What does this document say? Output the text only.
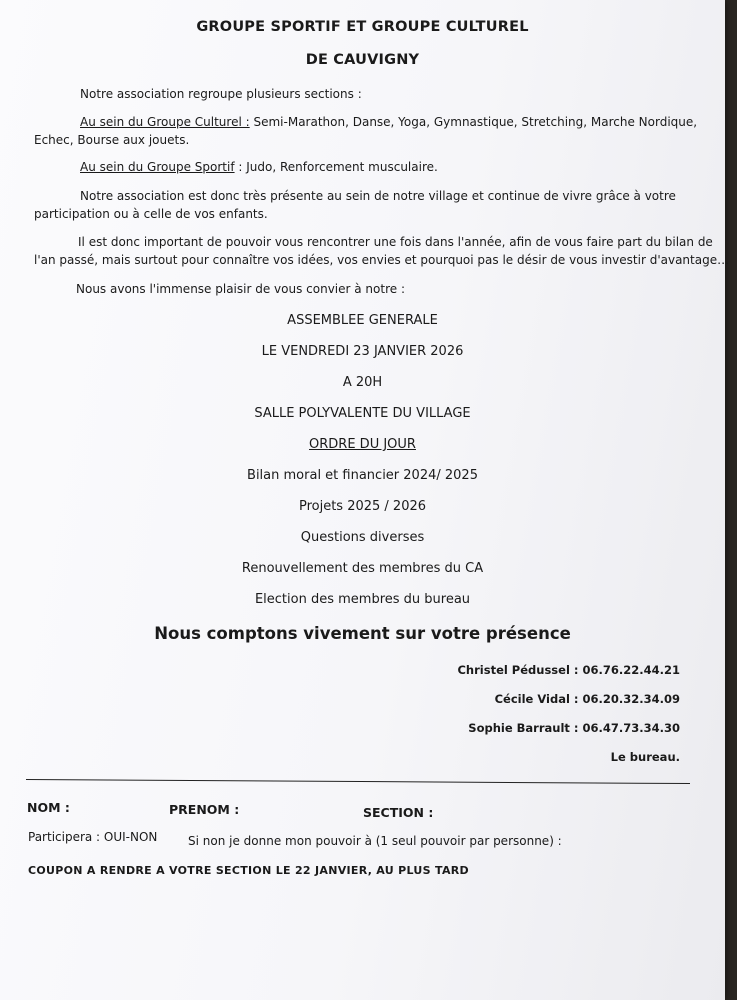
GROUPE SPORTIF ET GROUPE CULTUREL
DE CAUVIGNY
Notre association regroupe plusieurs sections :
Au sein du Groupe Culturel : Semi-Marathon, Danse, Yoga, Gymnastique, Stretching, Marche Nordique,
Echec, Bourse aux jouets.
Au sein du Groupe Sportif : Judo, Renforcement musculaire.
Notre association est donc très présente au sein de notre village et continue de vivre grâce à votre
participation ou à celle de vos enfants.
Il est donc important de pouvoir vous rencontrer une fois dans l'année, afin de vous faire part du bilan de
l'an passé, mais surtout pour connaître vos idées, vos envies et pourquoi pas le désir de vous investir d'avantage…
Nous avons l'immense plaisir de vous convier à notre :
ASSEMBLEE GENERALE
LE VENDREDI 23 JANVIER 2026
A 20H
SALLE POLYVALENTE DU VILLAGE
ORDRE DU JOUR
Bilan moral et financier 2024/ 2025
Projets 2025 / 2026
Questions diverses
Renouvellement des membres du CA
Election des membres du bureau
Nous comptons vivement sur votre présence
Christel Pédussel : 06.76.22.44.21
Cécile Vidal : 06.20.32.34.09
Sophie Barrault : 06.47.73.34.30
Le bureau.
NOM :	PRENOM :	SECTION :
Participera : OUI-NON	Si non je donne mon pouvoir à (1 seul pouvoir par personne) :
COUPON A RENDRE A VOTRE SECTION LE 22 JANVIER, AU PLUS TARD
